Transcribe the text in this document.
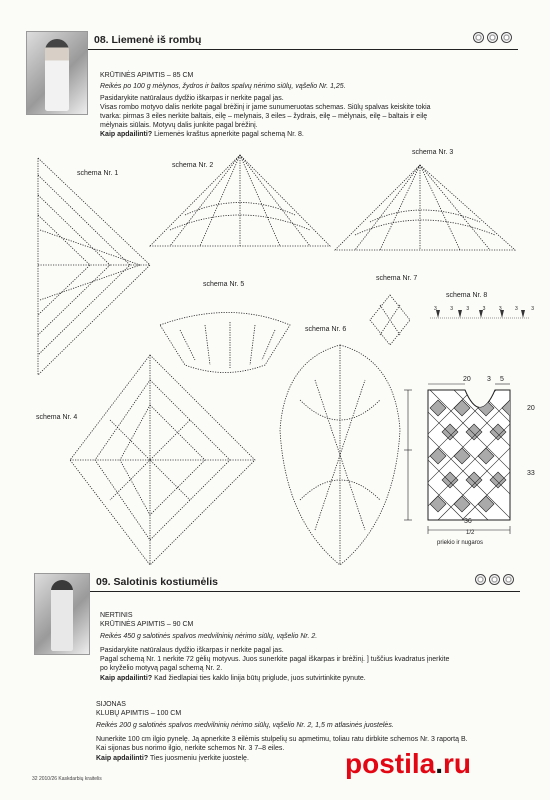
08. Liemenė iš rombų
KRŪTINĖS APIMTIS – 85 CM
Reikės po 100 g mėlynos, žydros ir baltos spalvų nėrimo siūlų, vąšelio Nr. 1,25.
Pasidarykite natūralaus dydžio iškarpas ir nerkite pagal jas.
Visas rombo motyvo dalis nerkite pagal brėžinį ir jame sunumeruotas schemas. Siūlų spalvas keiskite tokia
tvarka: pirmas 3 eiles nerkite baltais, eilę – melynais, 3 eiles – žydrais, eilę – mėlynais, eilę – baltais ir eilę
mėlynais siūlais. Motyvų dalis junkite pagal brėžinį.
Kaip apdailinti? Liemenės kraštus apnerkite pagal schemą Nr. 8.
schema Nr. 1
schema Nr. 2
schema Nr. 3
schema Nr. 4
schema Nr. 5
schema Nr. 6
schema Nr. 7
schema Nr. 8
3	3	3	3	3	3	3
20 3 5
20
33
36
1/2
priekio ir nugaros
09. Salotinis kostiumėlis
NERTINIS
KRŪTINĖS APIMTIS – 90 CM
Reikės 450 g salotinės spalvos medvilninių nėrimo siūlų, vąšelio Nr. 2.
Pasidarykite natūralaus dydžio iškarpas ir nerkite pagal jas.
Pagal schemą Nr. 1 nerkite 72 gėlių motyvus. Juos sunerkite pagal iškarpas ir brėžinį. ] tuščius kvadratus įnerkite
po kryželio motyvą pagal schemą Nr. 2.
Kaip apdailinti? Kad žiedlapiai ties kaklo linija būtų priglude, juos sutvirtinkite pynute.
SIJONAS
KLUBŲ APIMTIS – 100 CM
Reikės 200 g salotinės spalvos medvilninių nėrimo siūlų, vąšelio Nr. 2, 1,5 m atlasinės juostelės.
Nunerkite 100 cm ilgio pynelę. Ją apnerkite 3 eilėmis stulpelių su apmetimu, toliau ratu dirbkite schemos Nr. 3 raportą B.
Kai sijonas bus norimo ilgio, nerkite schemos Nr. 3 7–8 eiles.
Kaip apdailinti? Ties juosmeniu įverkite juostelę.
32 2010/26 Kaskdarbių kraitelis	postila.ru
